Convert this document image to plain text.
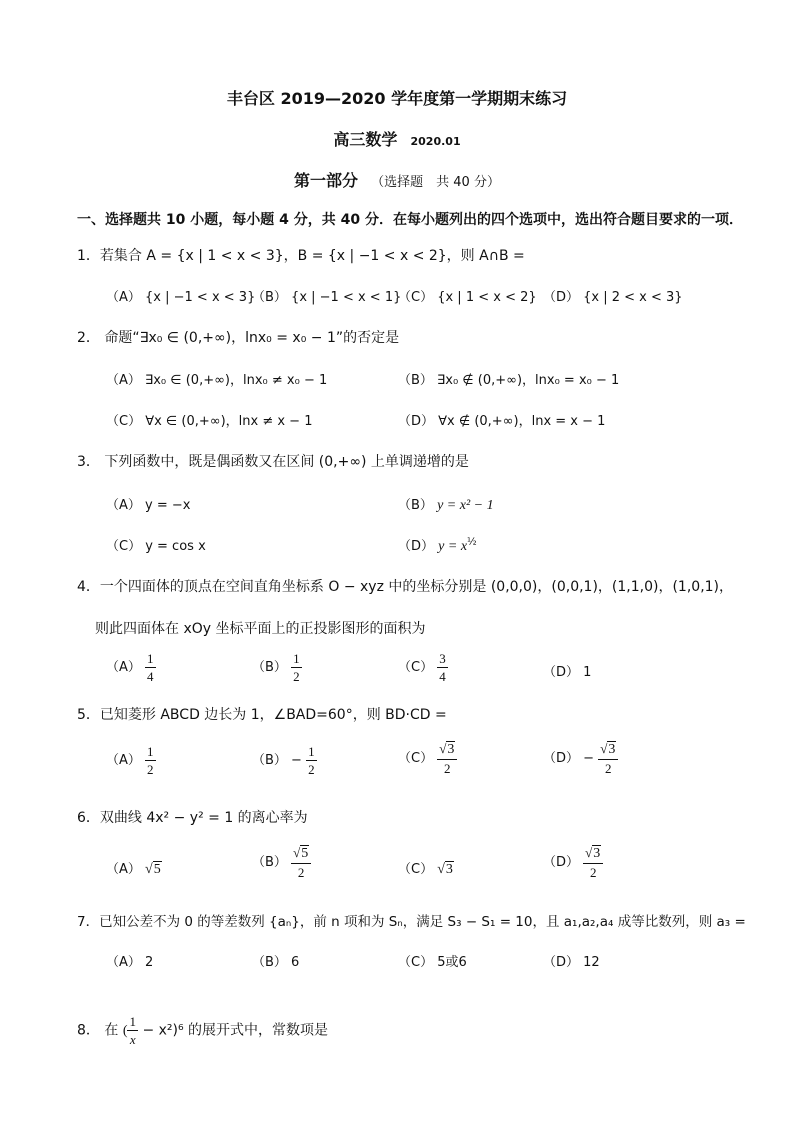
丰台区 2019—2020 学年度第一学期期末练习
高三数学 2020.01
第一部分 （选择题　共 40 分）
一、选择题共 10 小题，每小题 4 分，共 40 分．在每小题列出的四个选项中，选出符合题目要求的一项．
1．若集合 A = {x | 1 < x < 3}，B = {x | −1 < x < 2}，则 A∩B =
（A） {x | −1 < x < 3}
（B） {x | −1 < x < 1}
（C） {x | 1 < x < 2} （D） {x | 2 < x < 3}
2． 命题“∃x₀ ∈ (0,+∞)，lnx₀ = x₀ − 1”的否定是
（A） ∃x₀ ∈ (0,+∞)，lnx₀ ≠ x₀ − 1	（B） ∃x₀ ∉ (0,+∞)，lnx₀ = x₀ − 1
（C） ∀x ∈ (0,+∞)，lnx ≠ x − 1	（D） ∀x ∉ (0,+∞)，lnx = x − 1
3． 下列函数中，既是偶函数又在区间 (0,+∞) 上单调递增的是
（A） y = −x	（B） y = x² − 1
（C） y = cos x	（D） $y = x^{\frac{1}{2}}$
4．一个四面体的顶点在空间直角坐标系 O − xyz 中的坐标分别是 (0,0,0)，(0,0,1)，(1,1,0)，(1,0,1)，
则此四面体在 xOy 坐标平面上的正投影图形的面积为
$(A) \frac{1}{4}$	$(B) \frac{1}{2}$	$(C) \frac{3}{4}$	（D） 1
5．已知菱形 ABCD 边长为 1，∠BAD=60°，则 BD·CD =
$(A) \frac{1}{2}$	$(B) - \frac{1}{2}$	$(C) \frac{√3}{2}$	$(D) - \frac{√3}{2}$
6．双曲线 4x² − y² = 1 的离心率为
（A） √5	$(B) \frac{√5}{2}$	（C） √3	$(D) \frac{√3}{2}$
7．已知公差不为 0 的等差数列 {aₙ}，前 n 项和为 Sₙ，满足 S₃ − S₁ = 10，且 a₁,a₂,a₄ 成等比数列，则 a₃ =
（A） 2	（B） 6	（C） 5或6	（D） 12
8． 在 ( $\frac{1}{x} - x^2)^6$ 的展开式中，常数项是
